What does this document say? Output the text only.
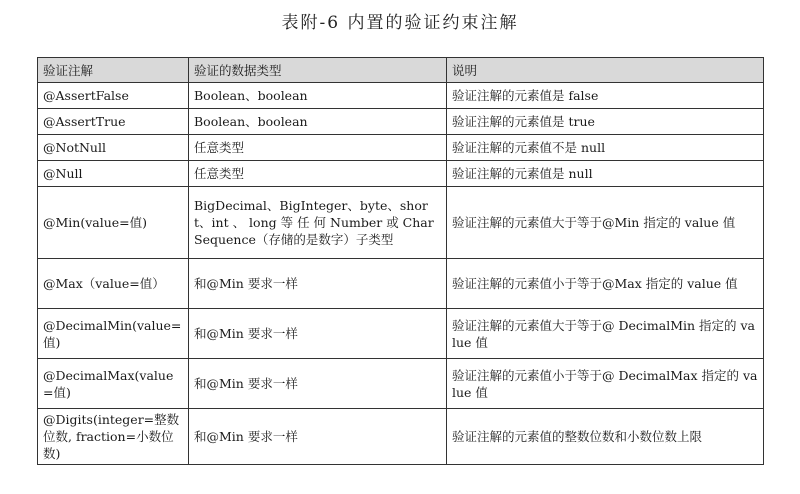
表附-6 内置的验证约束注解
验证注解	验证的数据类型	说明
@AssertFalse	Boolean、boolean	验证注解的元素值是 false
@AssertTrue	Boolean、boolean	验证注解的元素值是 true
@NotNull	任意类型	验证注解的元素值不是 null
@Null	任意类型	验证注解的元素值是 null
@Min(value=值)	BigDecimal、BigInteger、byte、short、int 、 long 等 任 何 Number 或 CharSequence（存储的是数字）子类型	验证注解的元素值大于等于@Min 指定的 value 值
@Max（value=值）	和@Min 要求一样	验证注解的元素值小于等于@Max 指定的 value 值
@DecimalMin(value=值)	和@Min 要求一样	验证注解的元素值大于等于@ DecimalMin 指定的 value 值
@DecimalMax(value=值)	和@Min 要求一样	验证注解的元素值小于等于@ DecimalMax 指定的 value 值
@Digits(integer=整数位数, fraction=小数位数)	和@Min 要求一样	验证注解的元素值的整数位数和小数位数上限
